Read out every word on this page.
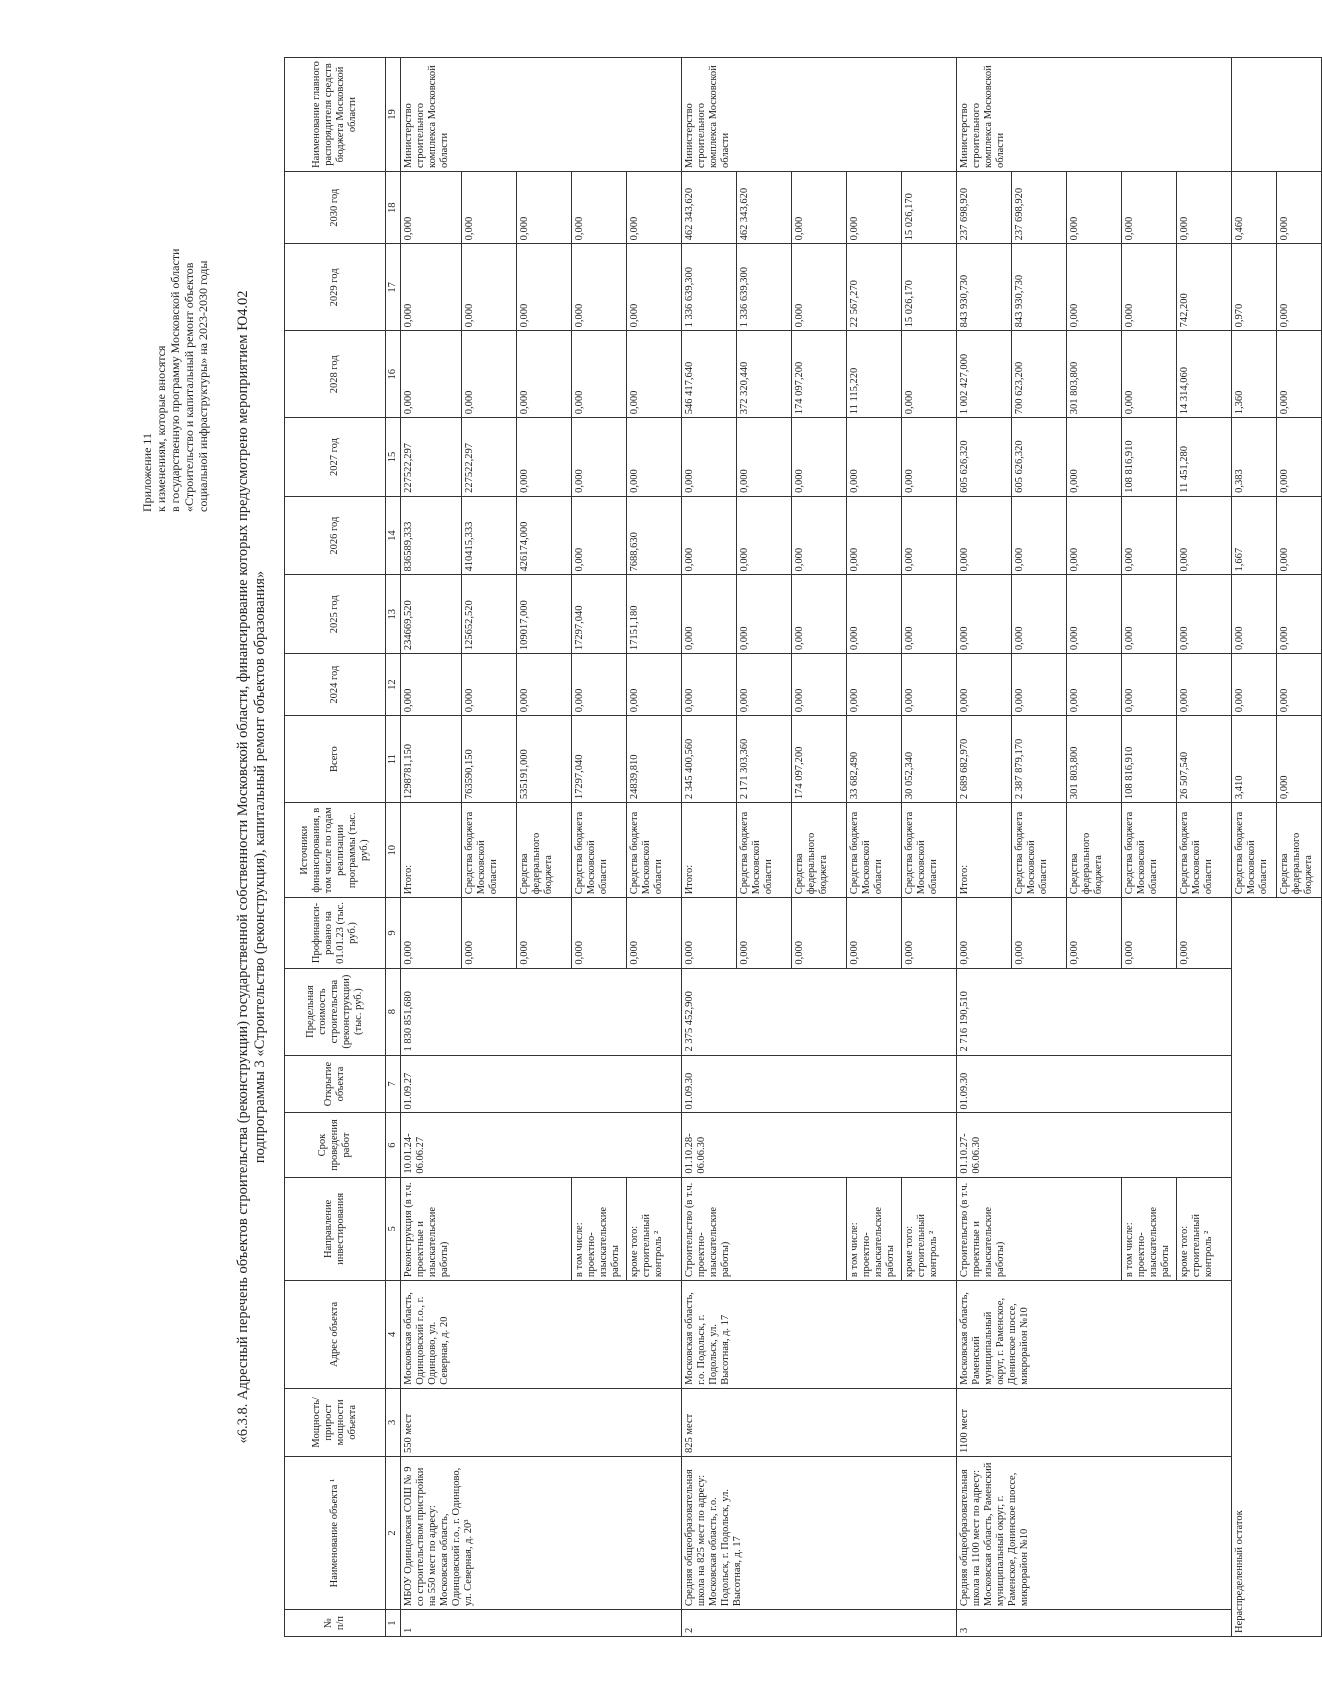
Приложение 11 к изменениям, которые вносятся в государственную программу Московской области «Строительство и капитальный ремонт объектов социальной инфраструктуры» на 2023-2030 годы «6.3.8. Адресный перечень объектов строительства (реконструкции) государственной собственности Московской области, финансирование которых предусмотрено мероприятием Ю4.02 подпрограммы 3 «Строительство (реконструкция), капитальный ремонт объектов образования»
№ п/п	Наименование объекта ¹	Мощность/ прирост мощности объекта	Адрес объекта	Направление инвестирования	Срок проведения работ	Открытие объекта	Предельная стоимость строительства (реконструкции) (тыс. руб.)	Профинанси-ровано на 01.01.23 (тыс. руб.)	Источники финансирования, в том числе по годам реализации программы (тыс. руб.)	Всего	2024 год	2025 год	2026 год	2027 год	2028 год	2029 год	2030 год	Наименование главного распорядителя средств бюджета Московской области
1	2	3	4	5	6	7	8	9	10	11	12	13	14	15	16	17	18	19
1	МБОУ Одинцовская СОШ № 9 со строительством пристройки на 550 мест по адресу: Московская область, Одинцовский г.о., г. Одинцово, ул. Северная, д. 20³	550 мест	Московская область, Одинцовский г.о., г. Одинцово, ул. Северная, д. 20	Реконструкция (в т.ч. проектные и изыскательские работы)	10.01.24-06.06.27	01.09.27	1 830 851,680	0,000	Итого:	1298781,150	0,000	234669,520	836589,333	227522,297	0,000	0,000	0,000	Министерство строительного комплекса Московской области
								0,000	Средства бюджета Московской области	763590,150	0,000	125652,520	410415,333	227522,297	0,000	0,000	0,000	
								0,000	Средства федерального бюджета	535191,000	0,000	109017,000	426174,000	0,000	0,000	0,000	0,000	
				в том числе: проектно-изыскательские работы				0,000	Средства бюджета Московской области	17297,040	0,000	17297,040	0,000	0,000	0,000	0,000	0,000	
				кроме того: строительный контроль ²				0,000	Средства бюджета Московской области	24839,810	0,000	17151,180	7688,630	0,000	0,000	0,000	0,000	
2	Средняя общеобразовательная школа на 825 мест по адресу: Московская область, г.о. Подольск, г. Подольск, ул. Высотная, д. 17	825 мест	Московская область, г.о. Подольск, г. Подольск, ул. Высотная, д. 17	Строительство (в т.ч. проектно-изыскательские работы)	01.10.28-06.06.30	01.09.30	2 375 452,900	0,000	Итого:	2 345 400,560	0,000	0,000	0,000	0,000	546 417,640	1 336 639,300	462 343,620	Министерство строительного комплекса Московской области
								0,000	Средства бюджета Московской области	2 171 303,360	0,000	0,000	0,000	0,000	372 320,440	1 336 639,300	462 343,620	
								0,000	Средства федерального бюджета	174 097,200	0,000	0,000	0,000	0,000	174 097,200	0,000	0,000	
				в том числе: проектно-изыскательские работы				0,000	Средства бюджета Московской области	33 682,490	0,000	0,000	0,000	0,000	11 115,220	22 567,270	0,000	
				кроме того: строительный контроль ²				0,000	Средства бюджета Московской области	30 052,340	0,000	0,000	0,000	0,000	0,000	15 026,170	15 026,170	
3	Средняя общеобразовательная школа на 1100 мест по адресу: Московская область, Раменский муниципальный округ, г. Раменское, Донинское шоссе, микрорайон №10	1100 мест	Московская область, Раменский муниципальный округ, г. Раменское, Донинское шоссе, микрорайон №10	Строительство (в т.ч. проектные и изыскательские работы)	01.10.27-06.06.30	01.09.30	2 716 190,510	0,000	Итого:	2 689 682,970	0,000	0,000	0,000	605 626,320	1 002 427,000	843 930,730	237 698,920	Министерство строительного комплекса Московской области
								0,000	Средства бюджета Московской области	2 387 879,170	0,000	0,000	0,000	605 626,320	700 623,200	843 930,730	237 698,920	
								0,000	Средства федерального бюджета	301 803,800	0,000	0,000	0,000	0,000	301 803,800	0,000	0,000	
				в том числе: проектно-изыскательские работы				0,000	Средства бюджета Московской области	108 816,910	0,000	0,000	0,000	108 816,910	0,000	0,000	0,000	
				кроме того: строительный контроль ²				0,000	Средства бюджета Московской области	26 507,540	0,000	0,000	0,000	11 451,280	14 314,060	742,200	0,000	
Нераспределенный остаток									Средства бюджета Московской области	3,410	0,000	0,000	1,667	0,383	1,360	0,970	0,460	
									Средства федерального бюджета	0,000	0,000	0,000	0,000	0,000	0,000	0,000	0,000	
